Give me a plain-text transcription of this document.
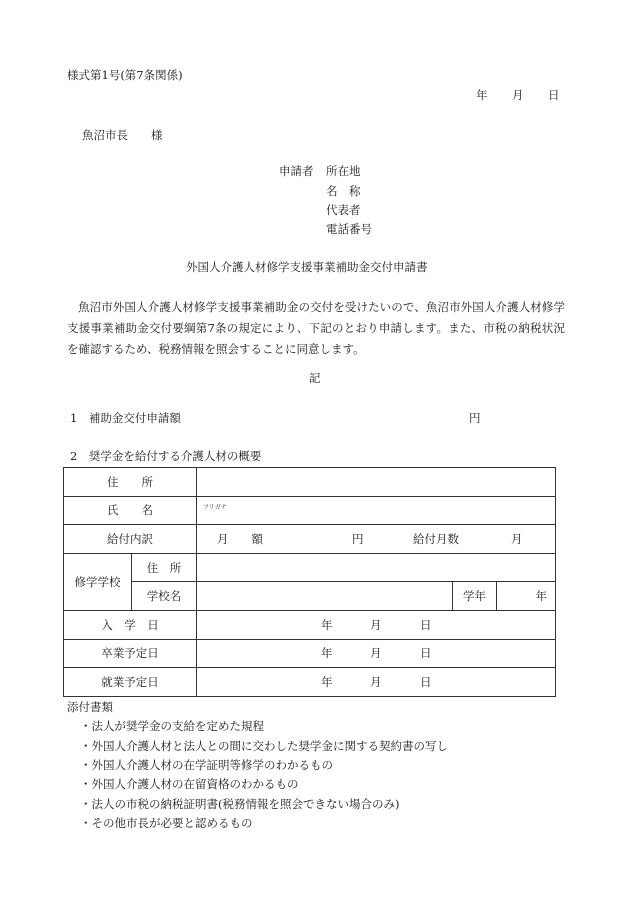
様式第1号(第7条関係)
年 月 日
魚沼市長　　様
申請者 所在地
名　称
代表者
電話番号
外国人介護人材修学支援事業補助金交付申請書
魚沼市外国人介護人材修学支援事業補助金の交付を受けたいので、魚沼市外国人介護人材修学支援事業補助金交付要綱第7条の規定により、下記のとおり申請します。また、市税の納税状況を確認するため、税務情報を照会することに同意します。
記
1　補助金交付申請額	円
2　奨学金を給付する介護人材の概要
住　　所				
氏　　名		フリガナ		

給付内訳		月　　額 円 給付月数 月		

修学学校	住　所			
	学校名		学年	年

入　学　日		年 月 日		

卒業予定日		年 月 日		

就業予定日		年 月 日		
添付書類
・法人が奨学金の支給を定めた規程
・外国人介護人材と法人との間に交わした奨学金に関する契約書の写し
・外国人介護人材の在学証明等修学のわかるもの
・外国人介護人材の在留資格のわかるもの
・法人の市税の納税証明書(税務情報を照会できない場合のみ)
・その他市長が必要と認めるもの
